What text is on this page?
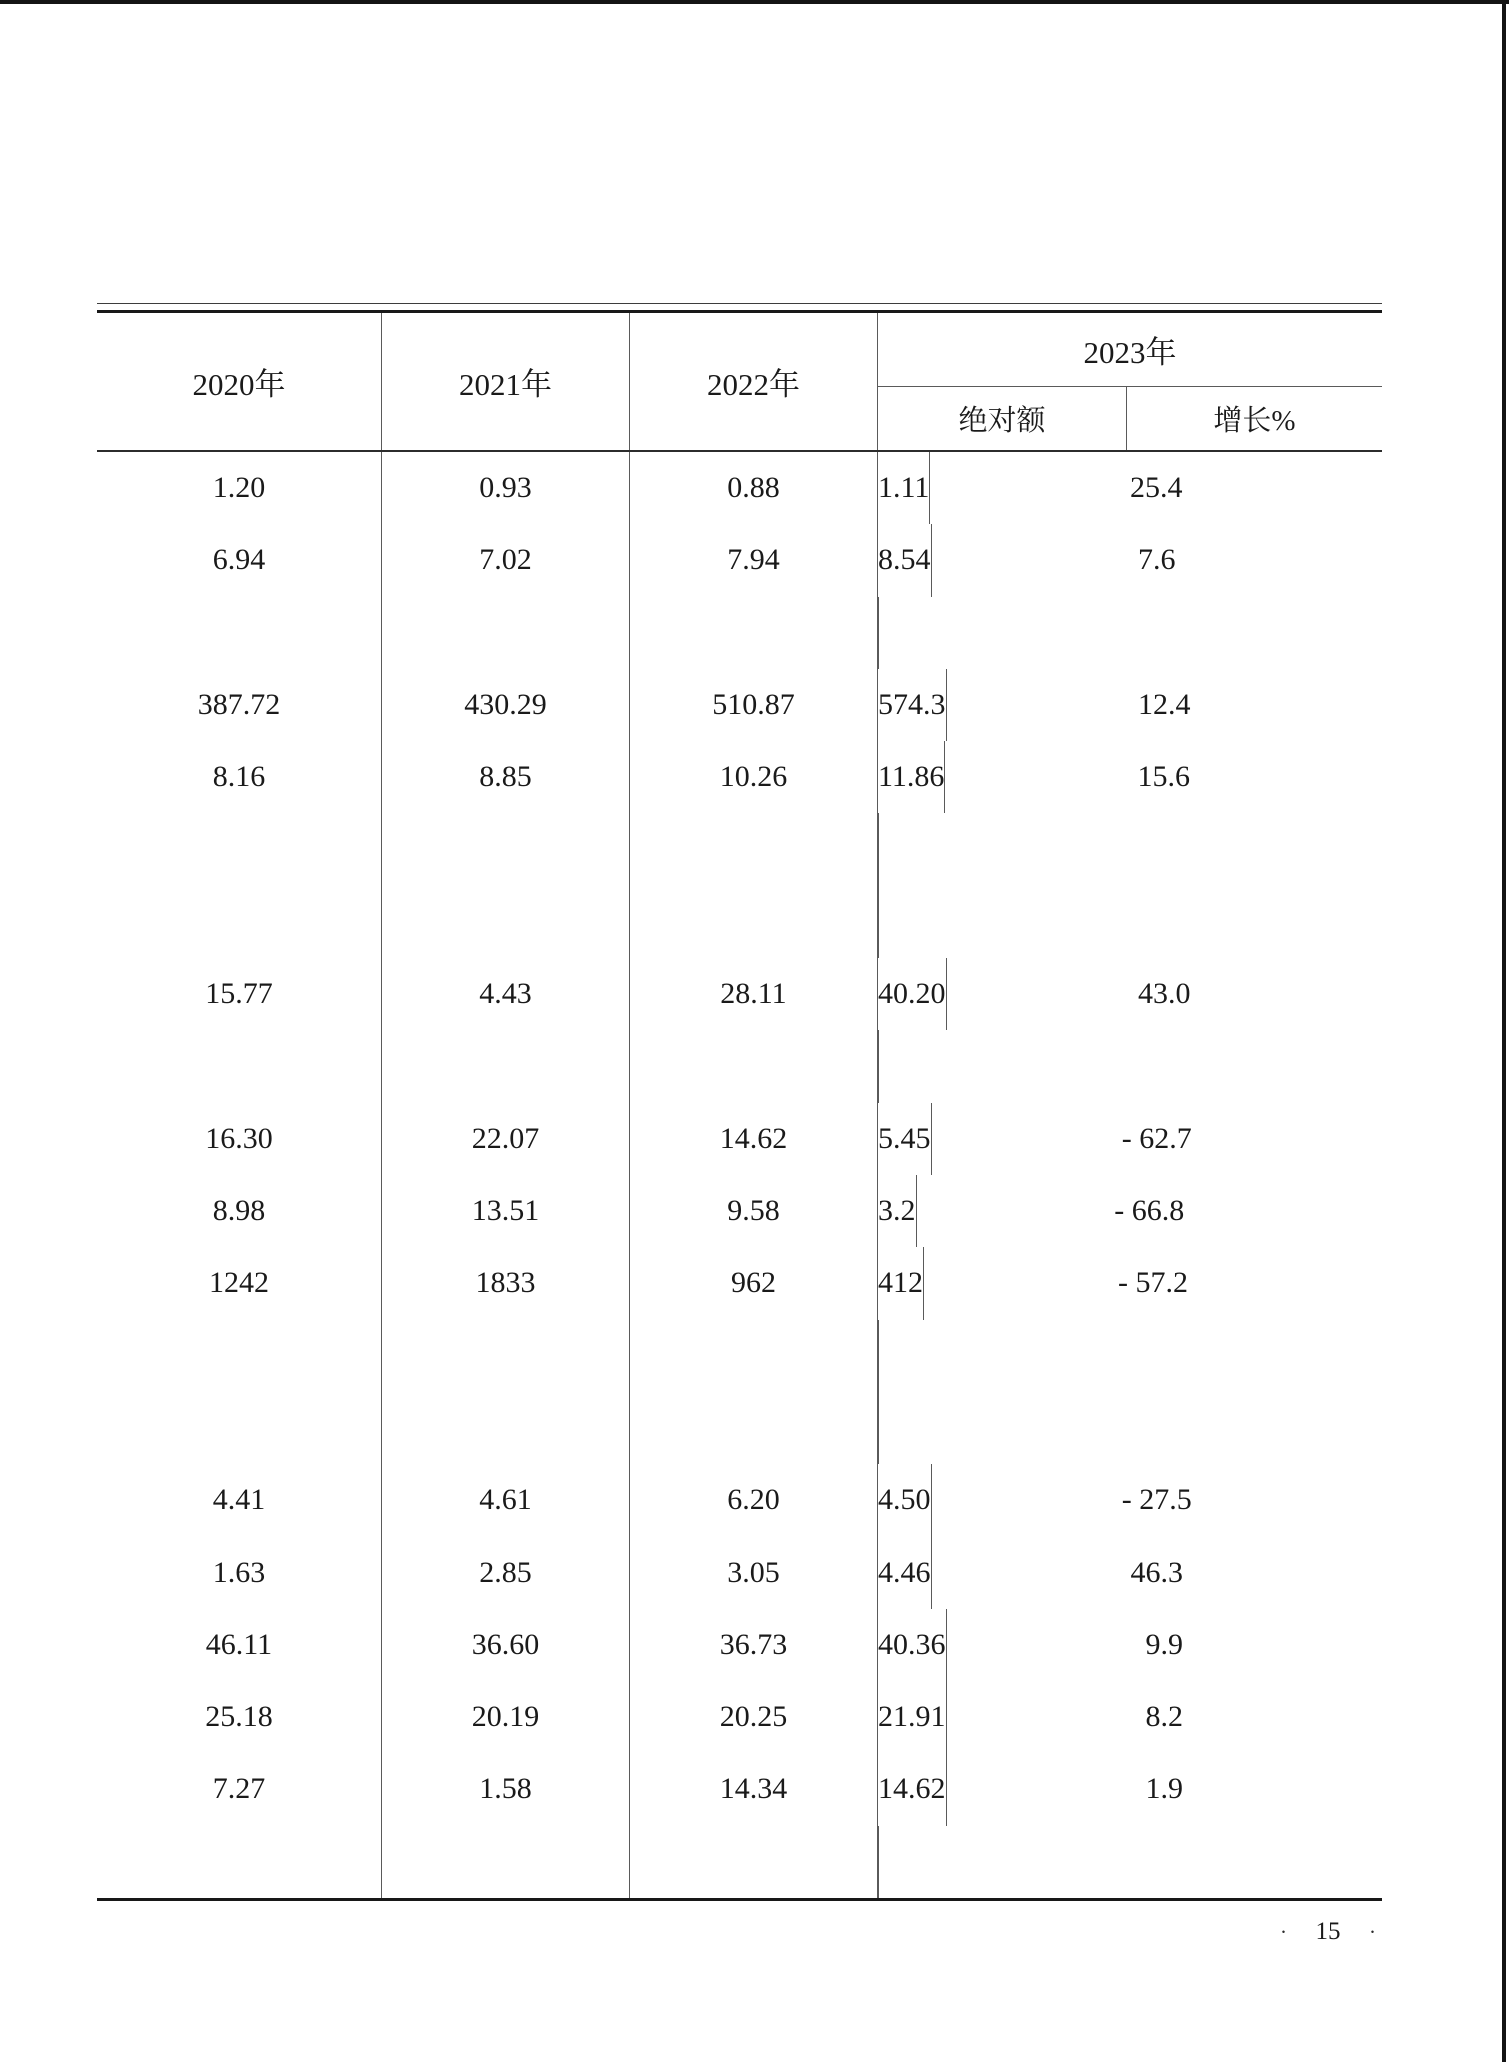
2020年	2021年	2022年
2023年
绝对额	增长%
1.20	0.93	0.88	1.11	25.4
6.94	7.02	7.94	8.54	7.6
387.72	430.29	510.87	574.3	12.4
8.16	8.85	10.26	11.86	15.6
15.77	4.43	28.11	40.20	43.0
16.30	22.07	14.62	5.45	- 62.7
8.98	13.51	9.58	3.2	- 66.8
1242	1833	962	412	- 57.2
4.41	4.61	6.20	4.50	- 27.5
1.63	2.85	3.05	4.46	46.3
46.11	36.60	36.73	40.36	9.9
25.18	20.19	20.25	21.91	8.2
7.27	1.58	14.34	14.62	1.9
· 15 ·
